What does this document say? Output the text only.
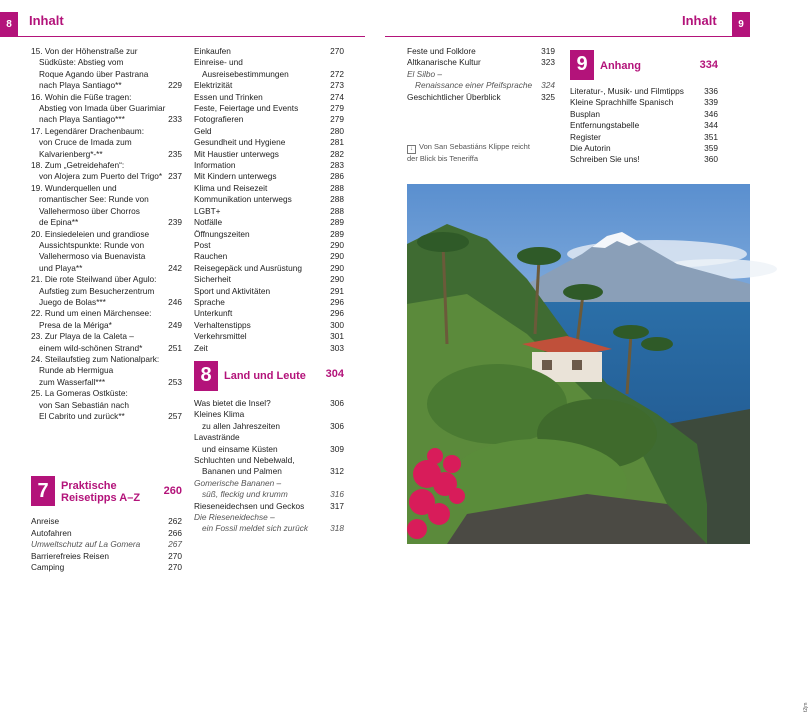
8	Inhalt	Inhalt	9
15. Von der Höhenstraße zur
Südküste: Abstieg vom
Roque Agando über Pastrana
nach Playa Santiago**	229
16. Wohin die Füße tragen:
Abstieg von Imada über Guarimiar
nach Playa Santiago***	233
17. Legendärer Drachenbaum:
von Cruce de Imada zum
Kalvarienberg*-**	235
18. Zum „Getreidehafen“:
von Alojera zum Puerto del Trigo* 237
19. Wunderquellen und
romantischer See: Runde von
Vallehermoso über Chorros
de Epina**	239
20. Einsiedeleien und grandiose
Aussichtspunkte: Runde von
Vallehermoso via Buenavista
und Playa**	242
21. Die rote Steilwand über Agulo:
Aufstieg zum Besucherzentrum
Juego de Bolas***	246
22. Rund um einen Märchensee:
Presa de la Mériga*	249
23. Zur Playa de la Caleta –
einem wild-schönen Strand*	251
24. Steilaufstieg zum Nationalpark:
Runde ab Hermigua
zum Wasserfall***	253
25. La Gomeras Ostküste:
von San Sebastián nach
El Cabrito und zurück**	257
7	Praktische
Reisetipps A–Z
260
Anreise	262
Autofahren	266
Umweltschutz auf La Gomera	267
Barrierefreies Reisen	270
Camping	270
Einkaufen	270
Einreise- und
Ausreisebestimmungen	272
Elektrizität	273
Essen und Trinken	274
Feste, Feiertage und Events	279
Fotografieren	279
Geld	280
Gesundheit und Hygiene	281
Mit Haustier unterwegs	282
Information	283
Mit Kindern unterwegs	286
Klima und Reisezeit	288
Kommunikation unterwegs	288
LGBT+	288
Notfälle	289
Öffnungszeiten	289
Post	290
Rauchen	290
Reisegepäck und Ausrüstung	290
Sicherheit	290
Sport und Aktivitäten	291
Sprache	296
Unterkunft	296
Verhaltenstipps	300
Verkehrsmittel	301
Zeit	303
8	Land und Leute 304
Was bietet die Insel?	306
Kleines Klima
zu allen Jahreszeiten	306
Lavastrände
und einsame Küsten	309
Schluchten und Nebelwald,
Bananen und Palmen	312
Gomerische Bananen –
süß, fleckig und krumm	316
Rieseneidechsen und Geckos	317
Die Rieseneidechse –
ein Fossil meldet sich zurück	318
Feste und Folklore	319
Altkanarische Kultur	323
El Silbo –
Renaissance einer Pfeifsprache 324
Geschichtlicher Überblick	325
↓ Von San Sebastiáns Klippe reicht der Blick bis Teneriffa
9	Anhang	334
Literatur-, Musik- und Filmtipps 336
Kleine Sprachhilfe Spanisch	339
Busplan	346
Entfernungstabelle	344
Register	351
Die Autorin	359
Schreiben Sie uns!	360
t2jm
